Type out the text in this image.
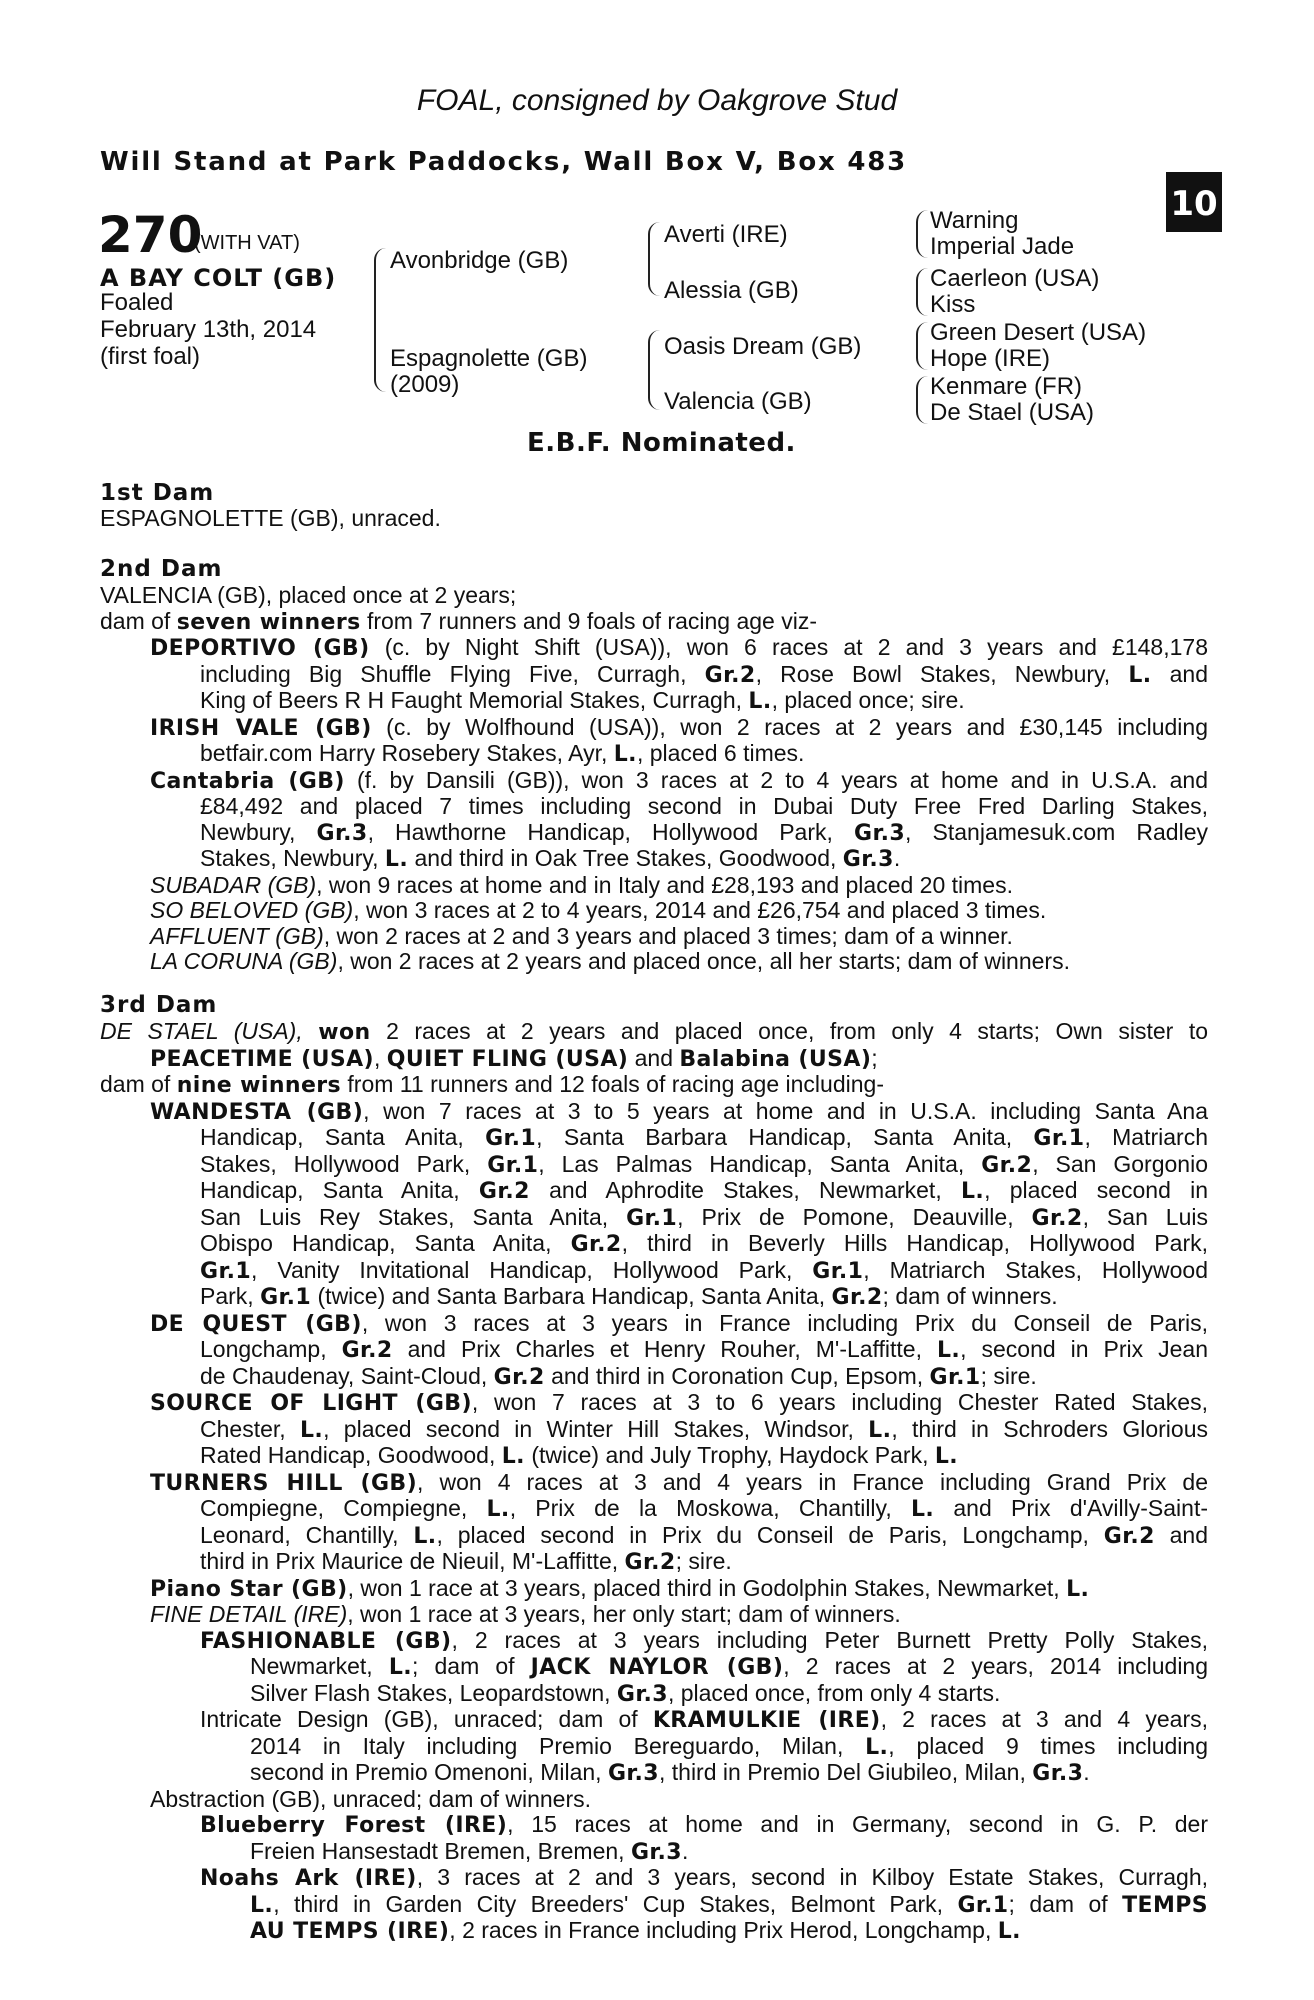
FOAL, consigned by Oakgrove Stud
Will Stand at Park Paddocks, Wall Box V, Box 483	+
10
270
(WITH VAT)
A BAY COLT (GB)
Foaled
February 13th, 2014
(first foal)
Avonbridge (GB)
Espagnolette (GB)
(2009)
Averti (IRE)
Alessia (GB)
Oasis Dream (GB)
Valencia (GB)
Warning
Imperial Jade
Caerleon (USA)
Kiss
Green Desert (USA)
Hope (IRE)
Kenmare (FR)
De Stael (USA)
E.B.F. Nominated.
1st Dam
ESPAGNOLETTE (GB), unraced.
2nd Dam
VALENCIA (GB), placed once at 2 years;
dam of seven winners from 7 runners and 9 foals of racing age viz-
DEPORTIVO (GB) (c. by Night Shift (USA)), won 6 races at 2 and 3 years and £148,178
including Big Shuffle Flying Five, Curragh, Gr.2, Rose Bowl Stakes, Newbury, L. and
King of Beers R H Faught Memorial Stakes, Curragh, L., placed once; sire.
IRISH VALE (GB) (c. by Wolfhound (USA)), won 2 races at 2 years and £30,145 including
betfair.com Harry Rosebery Stakes, Ayr, L., placed 6 times.
Cantabria (GB) (f. by Dansili (GB)), won 3 races at 2 to 4 years at home and in U.S.A. and
£84,492 and placed 7 times including second in Dubai Duty Free Fred Darling Stakes,
Newbury, Gr.3, Hawthorne Handicap, Hollywood Park, Gr.3, Stanjamesuk.com Radley
Stakes, Newbury, L. and third in Oak Tree Stakes, Goodwood, Gr.3.
SUBADAR (GB), won 9 races at home and in Italy and £28,193 and placed 20 times.
SO BELOVED (GB), won 3 races at 2 to 4 years, 2014 and £26,754 and placed 3 times.
AFFLUENT (GB), won 2 races at 2 and 3 years and placed 3 times; dam of a winner.
LA CORUNA (GB), won 2 races at 2 years and placed once, all her starts; dam of winners.
3rd Dam
DE STAEL (USA), won 2 races at 2 years and placed once, from only 4 starts; Own sister to
PEACETIME (USA), QUIET FLING (USA) and Balabina (USA);
dam of nine winners from 11 runners and 12 foals of racing age including-
WANDESTA (GB), won 7 races at 3 to 5 years at home and in U.S.A. including Santa Ana
Handicap, Santa Anita, Gr.1, Santa Barbara Handicap, Santa Anita, Gr.1, Matriarch
Stakes, Hollywood Park, Gr.1, Las Palmas Handicap, Santa Anita, Gr.2, San Gorgonio
Handicap, Santa Anita, Gr.2 and Aphrodite Stakes, Newmarket, L., placed second in
San Luis Rey Stakes, Santa Anita, Gr.1, Prix de Pomone, Deauville, Gr.2, San Luis
Obispo Handicap, Santa Anita, Gr.2, third in Beverly Hills Handicap, Hollywood Park,
Gr.1, Vanity Invitational Handicap, Hollywood Park, Gr.1, Matriarch Stakes, Hollywood
Park, Gr.1 (twice) and Santa Barbara Handicap, Santa Anita, Gr.2; dam of winners.
DE QUEST (GB), won 3 races at 3 years in France including Prix du Conseil de Paris,
Longchamp, Gr.2 and Prix Charles et Henry Rouher, M'-Laffitte, L., second in Prix Jean
de Chaudenay, Saint-Cloud, Gr.2 and third in Coronation Cup, Epsom, Gr.1; sire.
SOURCE OF LIGHT (GB), won 7 races at 3 to 6 years including Chester Rated Stakes,
Chester, L., placed second in Winter Hill Stakes, Windsor, L., third in Schroders Glorious
Rated Handicap, Goodwood, L. (twice) and July Trophy, Haydock Park, L.
TURNERS HILL (GB), won 4 races at 3 and 4 years in France including Grand Prix de
Compiegne, Compiegne, L., Prix de la Moskowa, Chantilly, L. and Prix d'Avilly-Saint-
Leonard, Chantilly, L., placed second in Prix du Conseil de Paris, Longchamp, Gr.2 and
third in Prix Maurice de Nieuil, M'-Laffitte, Gr.2; sire.
Piano Star (GB), won 1 race at 3 years, placed third in Godolphin Stakes, Newmarket, L.
FINE DETAIL (IRE), won 1 race at 3 years, her only start; dam of winners.
FASHIONABLE (GB), 2 races at 3 years including Peter Burnett Pretty Polly Stakes,
Newmarket, L.; dam of JACK NAYLOR (GB), 2 races at 2 years, 2014 including
Silver Flash Stakes, Leopardstown, Gr.3, placed once, from only 4 starts.
Intricate Design (GB), unraced; dam of KRAMULKIE (IRE), 2 races at 3 and 4 years,
2014 in Italy including Premio Bereguardo, Milan, L., placed 9 times including
second in Premio Omenoni, Milan, Gr.3, third in Premio Del Giubileo, Milan, Gr.3.
Abstraction (GB), unraced; dam of winners.
Blueberry Forest (IRE), 15 races at home and in Germany, second in G. P. der
Freien Hansestadt Bremen, Bremen, Gr.3.
Noahs Ark (IRE), 3 races at 2 and 3 years, second in Kilboy Estate Stakes, Curragh,
L., third in Garden City Breeders' Cup Stakes, Belmont Park, Gr.1; dam of TEMPS
AU TEMPS (IRE), 2 races in France including Prix Herod, Longchamp, L.
